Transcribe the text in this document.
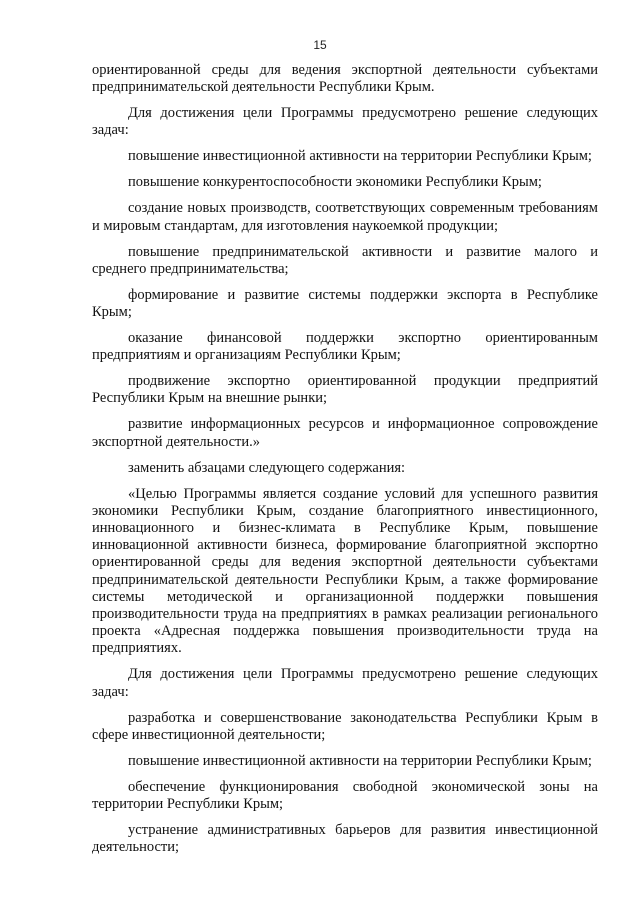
15

ориентированной среды для ведения экспортной деятельности субъектами предпринимательской деятельности Республики Крым.

Для достижения цели Программы предусмотрено решение следующих задач:

повышение инвестиционной активности на территории Республики Крым;

повышение конкурентоспособности экономики Республики Крым;

создание новых производств, соответствующих современным требованиям и мировым стандартам, для изготовления наукоемкой продукции;

повышение предпринимательской активности и развитие малого и среднего предпринимательства;

формирование и развитие системы поддержки экспорта в Республике Крым;

оказание финансовой поддержки экспортно ориентированным предприятиям и организациям Республики Крым;

продвижение экспортно ориентированной продукции предприятий Республики Крым на внешние рынки;

развитие информационных ресурсов и информационное сопровождение экспортной деятельности.»

заменить абзацами следующего содержания:

«Целью Программы является создание условий для успешного развития экономики Республики Крым, создание благоприятного инвестиционного, инновационного и бизнес-климата в Республике Крым, повышение инновационной активности бизнеса, формирование благоприятной экспортно ориентированной среды для ведения экспортной деятельности субъектами предпринимательской деятельности Республики Крым, а также формирование системы методической и организационной поддержки повышения производительности труда на предприятиях в рамках реализации регионального проекта «Адресная поддержка повышения производительности труда на предприятиях.

Для достижения цели Программы предусмотрено решение следующих задач:

разработка и совершенствование законодательства Республики Крым в сфере инвестиционной деятельности;

повышение инвестиционной активности на территории Республики Крым;

обеспечение функционирования свободной экономической зоны на территории Республики Крым;

устранение административных барьеров для развития инвестиционной деятельности;
